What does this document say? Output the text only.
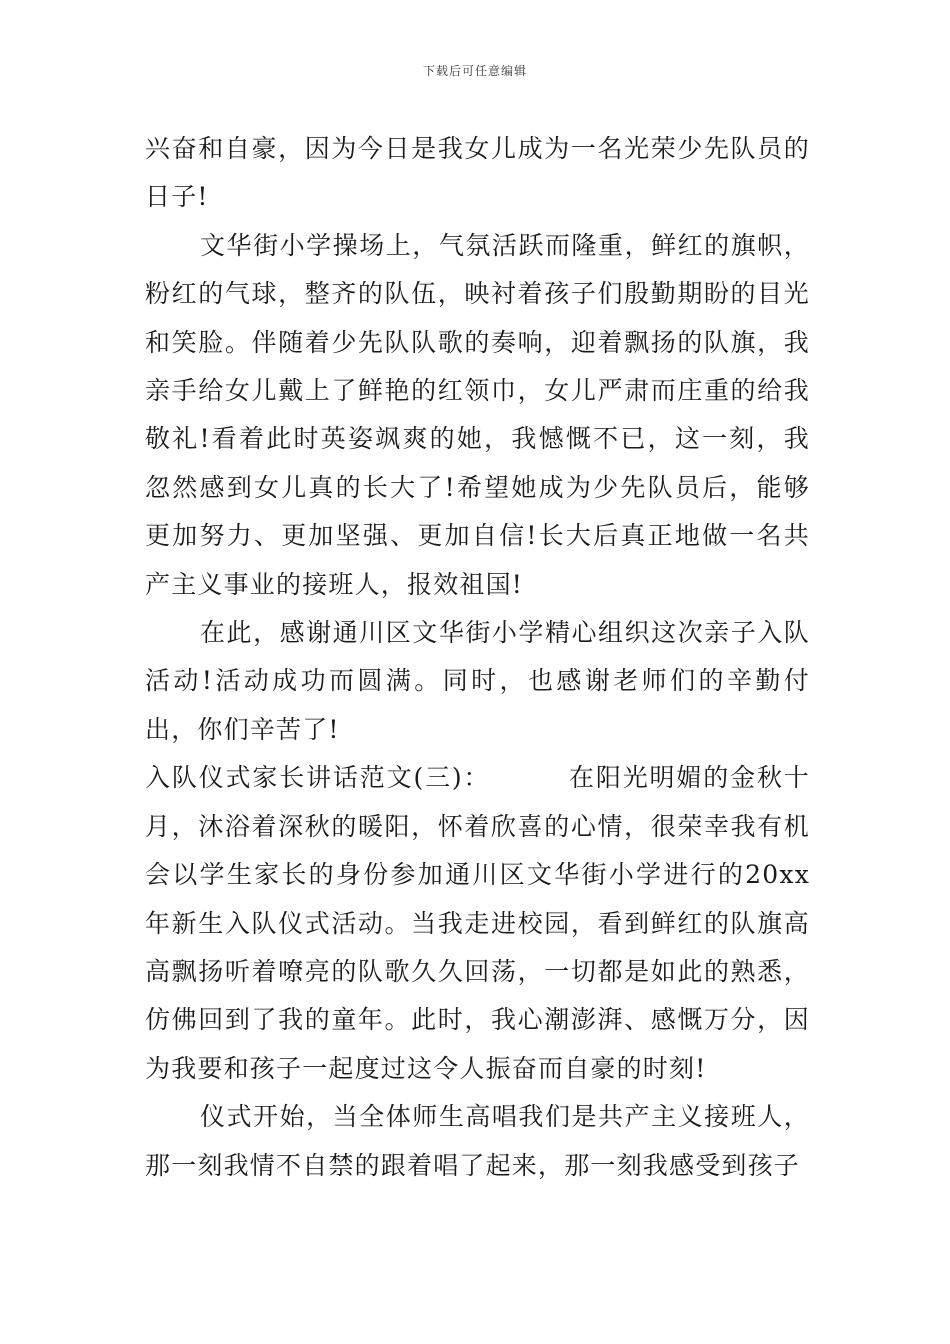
下载后可任意编辑

兴奋和自豪，因为今日是我女儿成为一名光荣少先队员的日子!

文华街小学操场上，气氛活跃而隆重，鲜红的旗帜，粉红的气球，整齐的队伍，映衬着孩子们殷勤期盼的目光和笑脸。伴随着少先队队歌的奏响，迎着飘扬的队旗，我亲手给女儿戴上了鲜艳的红领巾，女儿严肃而庄重的给我敬礼!看着此时英姿飒爽的她，我憾慨不已，这一刻，我忽然感到女儿真的长大了!希望她成为少先队员后，能够更加努力、更加坚强、更加自信!长大后真正地做一名共产主义事业的接班人，报效祖国!

在此，感谢通川区文华街小学精心组织这次亲子入队活动!活动成功而圆满。同时，也感谢老师们的辛勤付出，你们辛苦了!

入队仪式家长讲话范文(三)：	在阳光明媚的金秋十月，沐浴着深秋的暖阳，怀着欣喜的心情，很荣幸我有机会以学生家长的身份参加通川区文华街小学进行的20xx年新生入队仪式活动。当我走进校园，看到鲜红的队旗高高飘扬听着嘹亮的队歌久久回荡，一切都是如此的熟悉，仿佛回到了我的童年。此时，我心潮澎湃、感慨万分，因为我要和孩子一起度过这令人振奋而自豪的时刻!

仪式开始，当全体师生高唱我们是共产主义接班人，那一刻我情不自禁的跟着唱了起来，那一刻我感受到孩子
